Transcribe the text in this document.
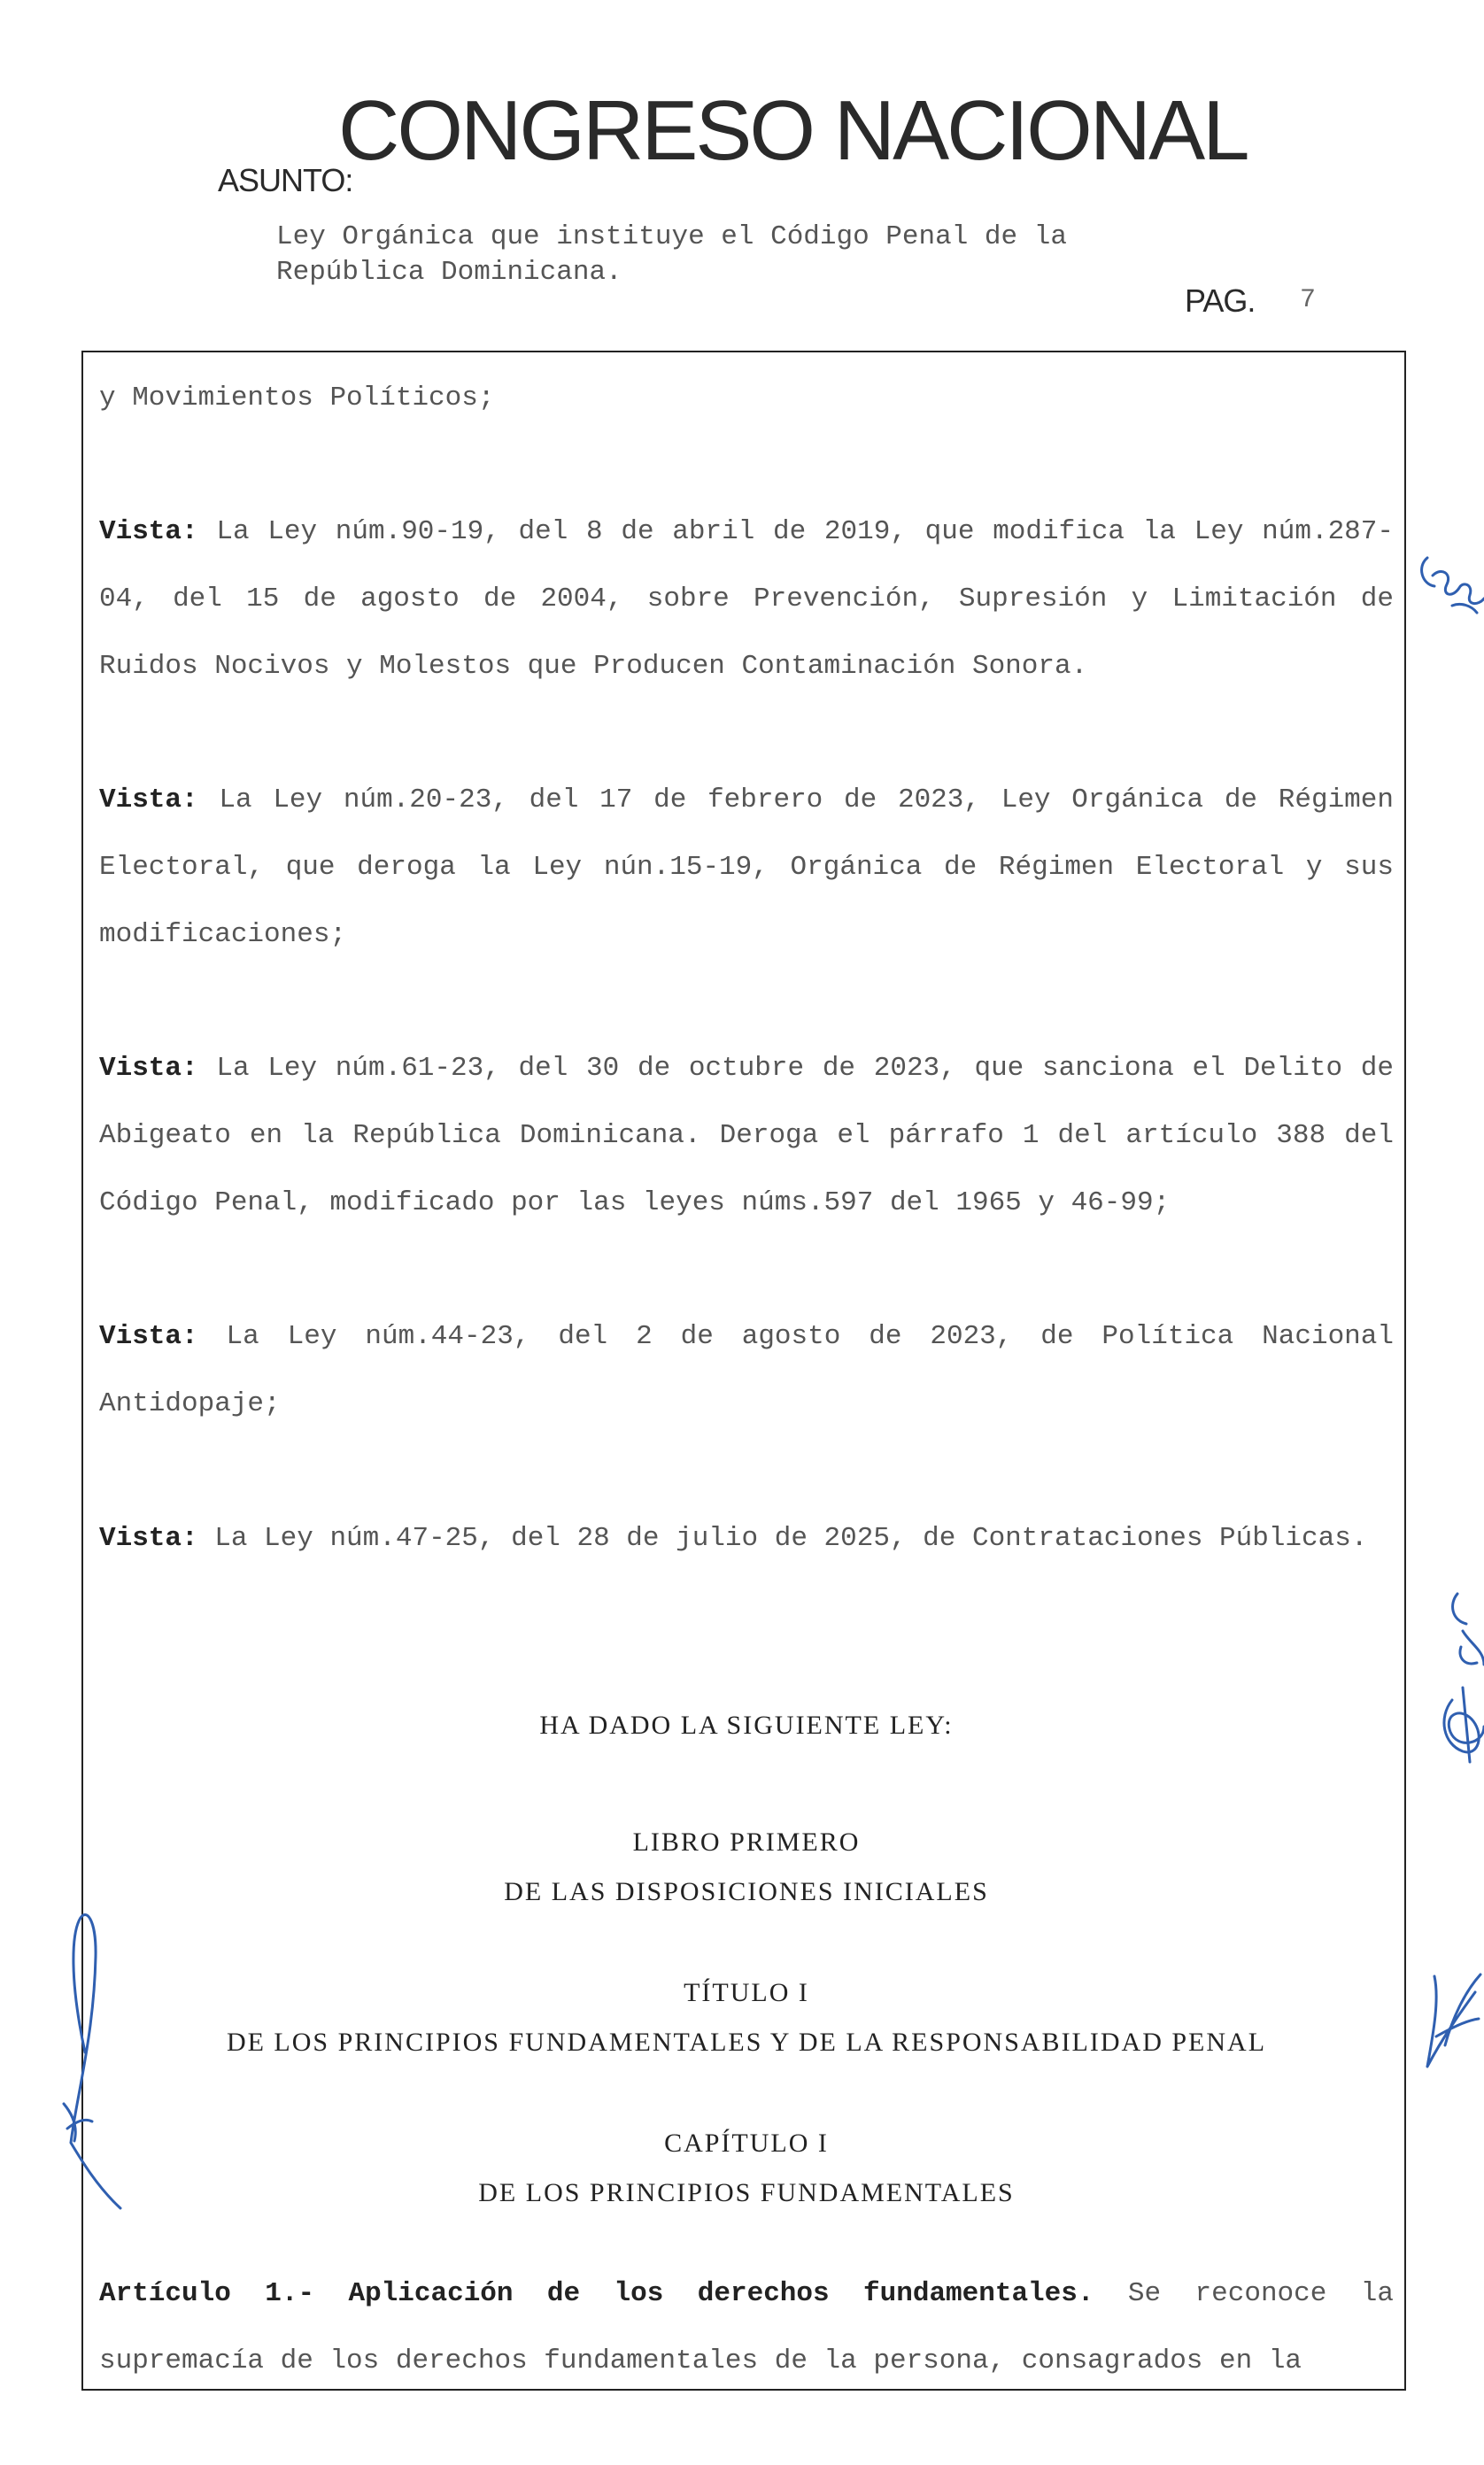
CONGRESO NACIONAL
ASUNTO:
Ley Orgánica que instituye el Código Penal de la
República Dominicana.
PAG. 7
y Movimientos Políticos;
Vista: La Ley núm.90-19, del 8 de abril de 2019, que modifica la Ley núm.287-04, del 15 de agosto de 2004, sobre Prevención, Supresión y Limitación de Ruidos Nocivos y Molestos que Producen Contaminación Sonora.
Vista: La Ley núm.20-23, del 17 de febrero de 2023, Ley Orgánica de Régimen Electoral, que deroga la Ley nún.15-19, Orgánica de Régimen Electoral y sus modificaciones;
Vista: La Ley núm.61-23, del 30 de octubre de 2023, que sanciona el Delito de Abigeato en la República Dominicana. Deroga el párrafo 1 del artículo 388 del Código Penal, modificado por las leyes núms.597 del 1965 y 46-99;
Vista: La Ley núm.44-23, del 2 de agosto de 2023, de Política Nacional Antidopaje;
Vista: La Ley núm.47-25, del 28 de julio de 2025, de Contrataciones Públicas.
HA DADO LA SIGUIENTE LEY:
LIBRO PRIMERO
DE LAS DISPOSICIONES INICIALES
TÍTULO I
DE LOS PRINCIPIOS FUNDAMENTALES Y DE LA RESPONSABILIDAD PENAL
CAPÍTULO I
DE LOS PRINCIPIOS FUNDAMENTALES
Artículo 1.- Aplicación de los derechos fundamentales. Se reconoce la supremacía de los derechos fundamentales de la persona, consagrados en la
